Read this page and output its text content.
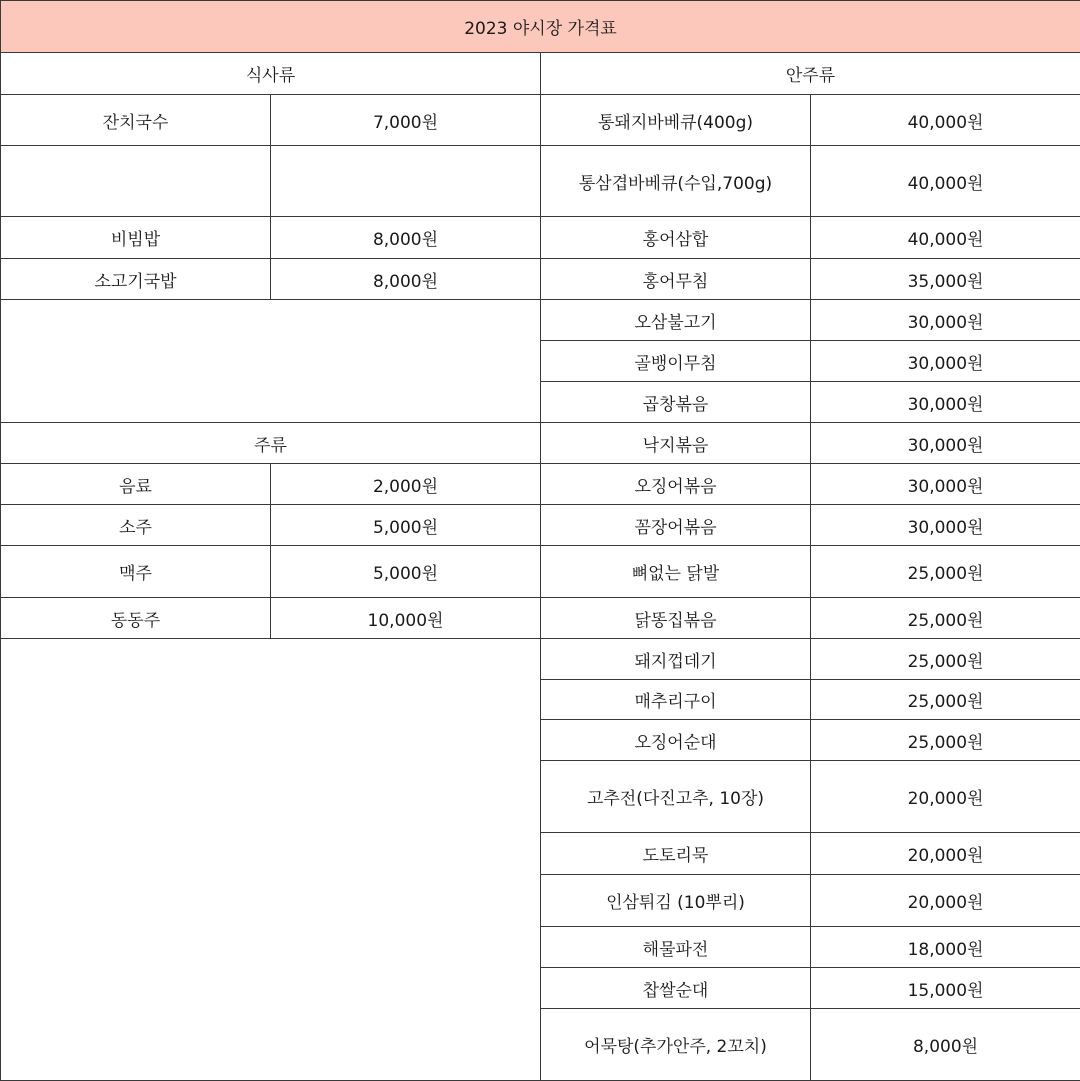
2023 야시장 가격표			
식사류		안주류	
잔치국수	7,000원	통돼지바베큐(400g)	40,000원
		통삼겹바베큐(수입,700g)	40,000원
비빔밥	8,000원	홍어삼합	40,000원
소고기국밥	8,000원	홍어무침	35,000원
		오삼불고기	30,000원
		골뱅이무침	30,000원
		곱창볶음	30,000원
주류		낙지볶음	30,000원
음료	2,000원	오징어볶음	30,000원
소주	5,000원	꼼장어볶음	30,000원
맥주	5,000원	뼈없는 닭발	25,000원
동동주	10,000원	닭똥집볶음	25,000원
		돼지껍데기	25,000원
		매추리구이	25,000원
		오징어순대	25,000원
		고추전(다진고추, 10장)	20,000원
		도토리묵	20,000원
		인삼튀김 (10뿌리)	20,000원
		해물파전	18,000원
		찹쌀순대	15,000원
		어묵탕(추가안주, 2꼬치)	8,000원
